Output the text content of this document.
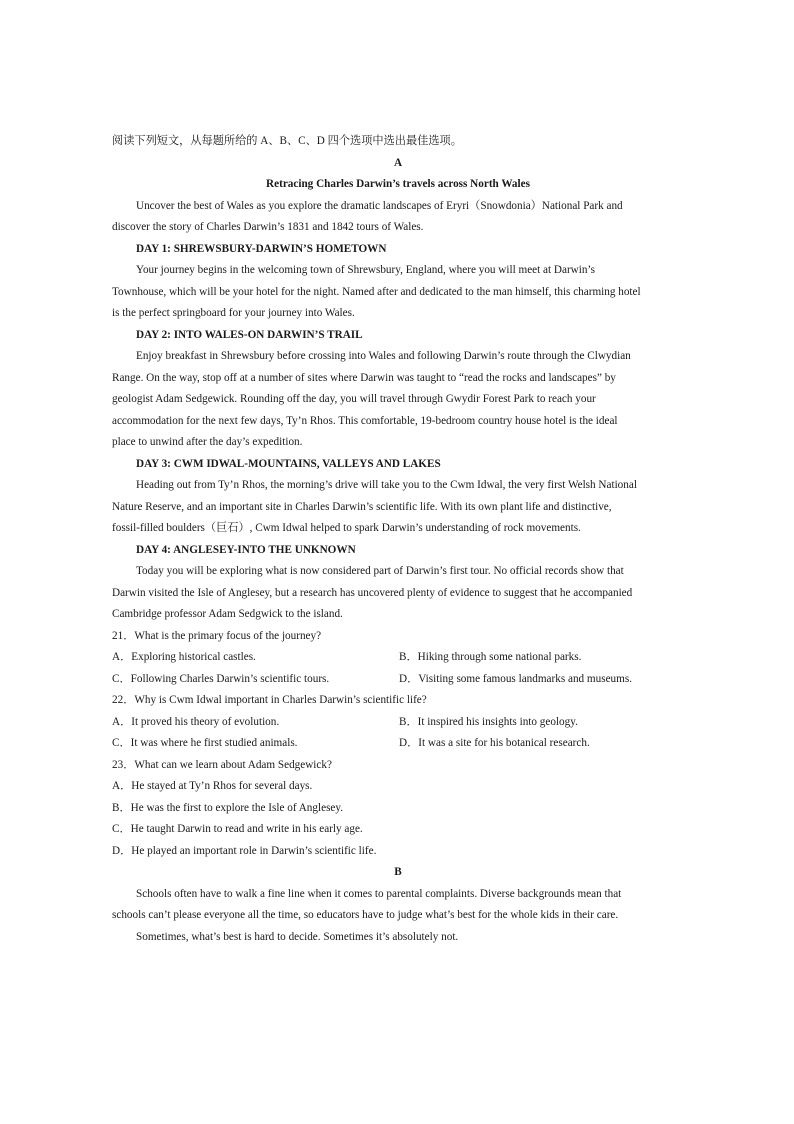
阅读下列短文，从每题所给的 A、B、C、D 四个选项中选出最佳选项。
A
Retracing Charles Darwin’s travels across North Wales
Uncover the best of Wales as you explore the dramatic landscapes of Eryri（Snowdonia）National Park and
discover the story of Charles Darwin’s 1831 and 1842 tours of Wales.
DAY 1: SHREWSBURY-DARWIN’S HOMETOWN
Your journey begins in the welcoming town of Shrewsbury, England, where you will meet at Darwin’s
Townhouse, which will be your hotel for the night. Named after and dedicated to the man himself, this charming hotel
is the perfect springboard for your journey into Wales.
DAY 2: INTO WALES-ON DARWIN’S TRAIL
Enjoy breakfast in Shrewsbury before crossing into Wales and following Darwin’s route through the Clwydian
Range. On the way, stop off at a number of sites where Darwin was taught to “read the rocks and landscapes” by
geologist Adam Sedgewick. Rounding off the day, you will travel through Gwydir Forest Park to reach your
accommodation for the next few days, Ty’n Rhos. This comfortable, 19-bedroom country house hotel is the ideal
place to unwind after the day’s expedition.
DAY 3: CWM IDWAL-MOUNTAINS, VALLEYS AND LAKES
Heading out from Ty’n Rhos, the morning’s drive will take you to the Cwm Idwal, the very first Welsh National
Nature Reserve, and an important site in Charles Darwin’s scientific life. With its own plant life and distinctive,
fossil-filled boulders（巨石）, Cwm Idwal helped to spark Darwin’s understanding of rock movements.
DAY 4: ANGLESEY-INTO THE UNKNOWN
Today you will be exploring what is now considered part of Darwin’s first tour. No official records show that
Darwin visited the Isle of Anglesey, but a research has uncovered plenty of evidence to suggest that he accompanied
Cambridge professor Adam Sedgwick to the island.
21．What is the primary focus of the journey?
A．Exploring historical castles.	B．Hiking through some national parks.
C．Following Charles Darwin’s scientific tours.	D．Visiting some famous landmarks and museums.
22．Why is Cwm Idwal important in Charles Darwin’s scientific life?
A．It proved his theory of evolution.	B．It inspired his insights into geology.
C．It was where he first studied animals.	D．It was a site for his botanical research.
23．What can we learn about Adam Sedgewick?
A．He stayed at Ty’n Rhos for several days.
B．He was the first to explore the Isle of Anglesey.
C．He taught Darwin to read and write in his early age.
D．He played an important role in Darwin’s scientific life.
B
Schools often have to walk a fine line when it comes to parental complaints. Diverse backgrounds mean that
schools can’t please everyone all the time, so educators have to judge what’s best for the whole kids in their care.
Sometimes, what’s best is hard to decide. Sometimes it’s absolutely not.
